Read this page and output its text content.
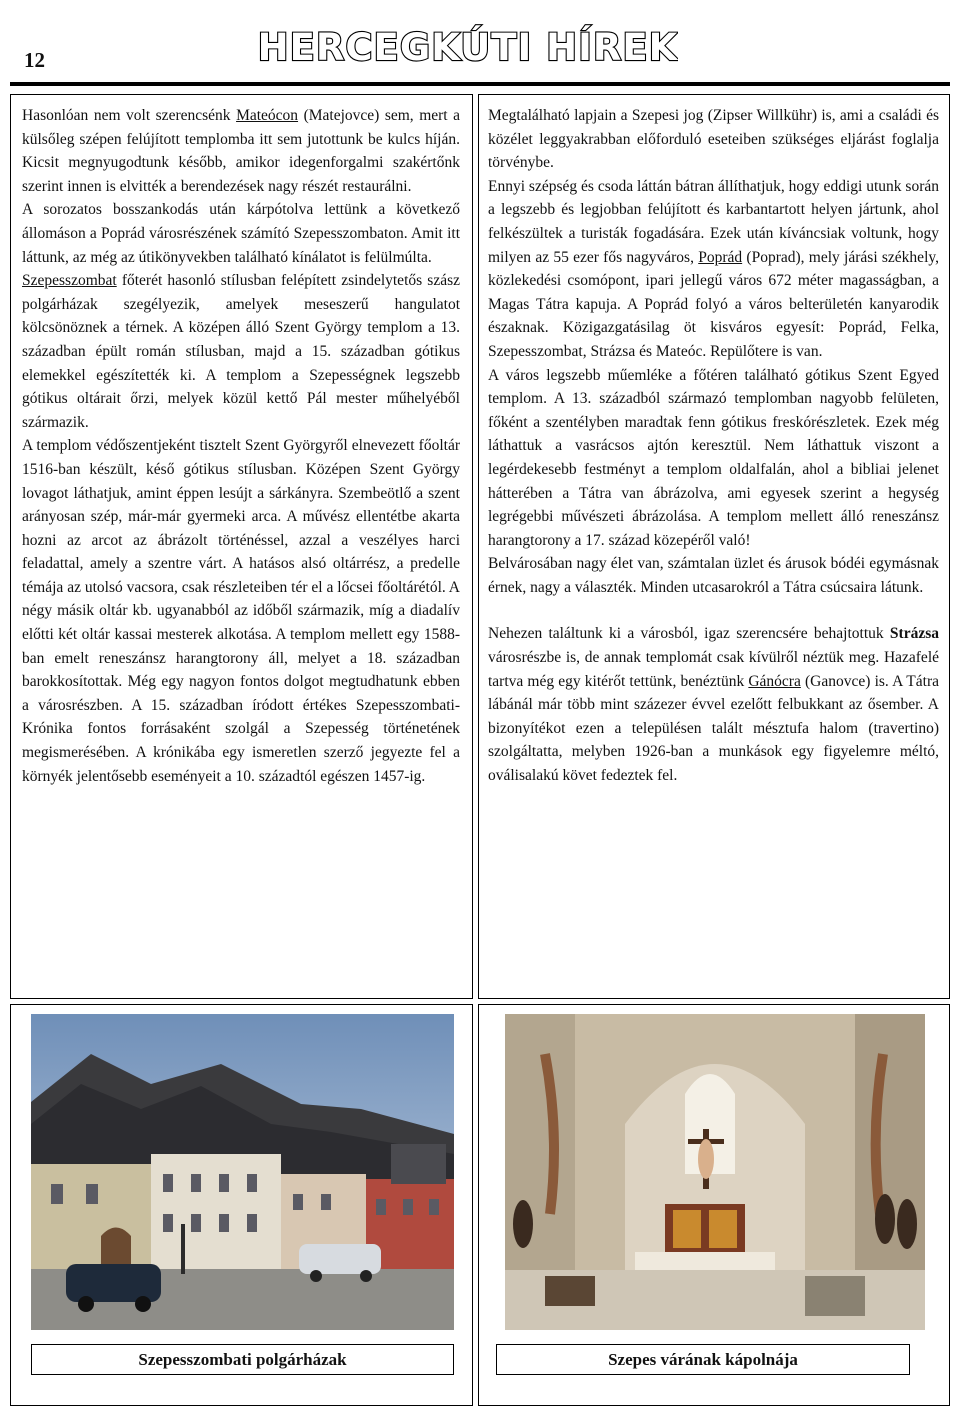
12	HERCEGKÚTI HÍREK

Hasonlóan nem volt szerencsénk Mateócon (Matejovce) sem, mert a külsőleg szépen felújított templomba itt sem jutottunk be kulcs híján. Kicsit megnyugodtunk később, amikor idegenforgalmi szakértőnk szerint innen is elvitték a berendezések nagy részét restaurálni.

A sorozatos bosszankodás után kárpótolva lettünk a következő állomáson a Poprád városrészének számító Szepesszombaton. Amit itt láttunk, az még az útikönyvekben található kínálatot is felülmúlta.

Szepesszombat főterét hasonló stílusban felépített zsindelytetős szász polgárházak szegélyezik, amelyek meseszerű hangulatot kölcsönöznek a térnek. A középen álló Szent György templom a 13. században épült román stílusban, majd a 15. században gótikus elemekkel egészítették ki. A templom a Szepességnek legszebb gótikus oltárait őrzi, melyek közül kettő Pál mester műhelyéből származik.

A templom védőszentjeként tisztelt Szent Györgyről elnevezett főoltár 1516-ban készült, késő gótikus stílusban. Középen Szent György lovagot láthatjuk, amint éppen lesújt a sárkányra. Szembeötlő a szent arányosan szép, már-már gyermeki arca. A művész ellentétbe akarta hozni az arcot az ábrázolt történéssel, azzal a veszélyes harci feladattal, amely a szentre várt. A hatásos alsó oltárrész, a predelle témája az utolsó vacsora, csak részleteiben tér el a lőcsei főoltárétól. A négy másik oltár kb. ugyanabból az időből származik, míg a diadalív előtti két oltár kassai mesterek alkotása. A templom mellett egy 1588-ban emelt reneszánsz harangtorony áll, melyet a 18. században barokkosítottak. Még egy nagyon fontos dolgot megtudhatunk ebben a városrészben. A 15. században íródott értékes Szepesszombati-Krónika fontos forrásaként szolgál a Szepesség történetének megismerésében. A krónikába egy ismeretlen szerző jegyezte fel a környék jelentősebb eseményeit a 10. századtól egészen 1457-ig.

Megtalálható lapjain a Szepesi jog (Zipser Willkühr) is, ami a családi és közélet leggyakrabban előforduló eseteiben szükséges eljárást foglalja törvénybe.

Ennyi szépség és csoda láttán bátran állíthatjuk, hogy eddigi utunk során a legszebb és legjobban felújított és karbantartott helyen jártunk, ahol felkészültek a turisták fogadására. Ezek után kíváncsiak voltunk, hogy milyen az 55 ezer fős nagyváros, Poprád (Poprad), mely járási székhely, közlekedési csomópont, ipari jellegű város 672 méter magasságban, a Magas Tátra kapuja. A Poprád folyó a város belterületén kanyarodik északnak. Közigazgatásilag öt kisváros egyesít: Poprád, Felka, Szepesszombat, Strázsa és Mateóc. Repülőtere is van.

A város legszebb műemléke a főtéren található gótikus Szent Egyed templom. A 13. századból származó templomban nagyobb felületen, főként a szentélyben maradtak fenn gótikus freskórészletek. Ezek még láthattuk a vasrácsos ajtón keresztül. Nem láthattuk viszont a legérdekesebb festményt a templom oldalfalán, ahol a bibliai jelenet hátterében a Tátra van ábrázolva, ami egyesek szerint a hegység legrégebbi művészeti ábrázolása. A templom mellett álló reneszánsz harangtorony a 17. század közepéről való!

Belvárosában nagy élet van, számtalan üzlet és árusok bódéi egymásnak érnek, nagy a választék. Minden utcasarokról a Tátra csúcsaira látunk.

Nehezen találtunk ki a városból, igaz szerencsére behajtottuk Strázsa városrészbe is, de annak templomát csak kívülről néztük meg. Hazafelé tartva még egy kitérőt tettünk, benéztünk Gánócra (Ganovce) is. A Tátra lábánál már több mint százezer évvel ezelőtt felbukkant az ősember. A bizonyítékot ezen a településen talált mésztufa halom (travertino) szolgáltatta, melyben 1926-ban a munkások egy figyelemre méltó, oválisalakú követ fedeztek fel.

Szepesszombati polgárházak	Szepes várának kápolnája
